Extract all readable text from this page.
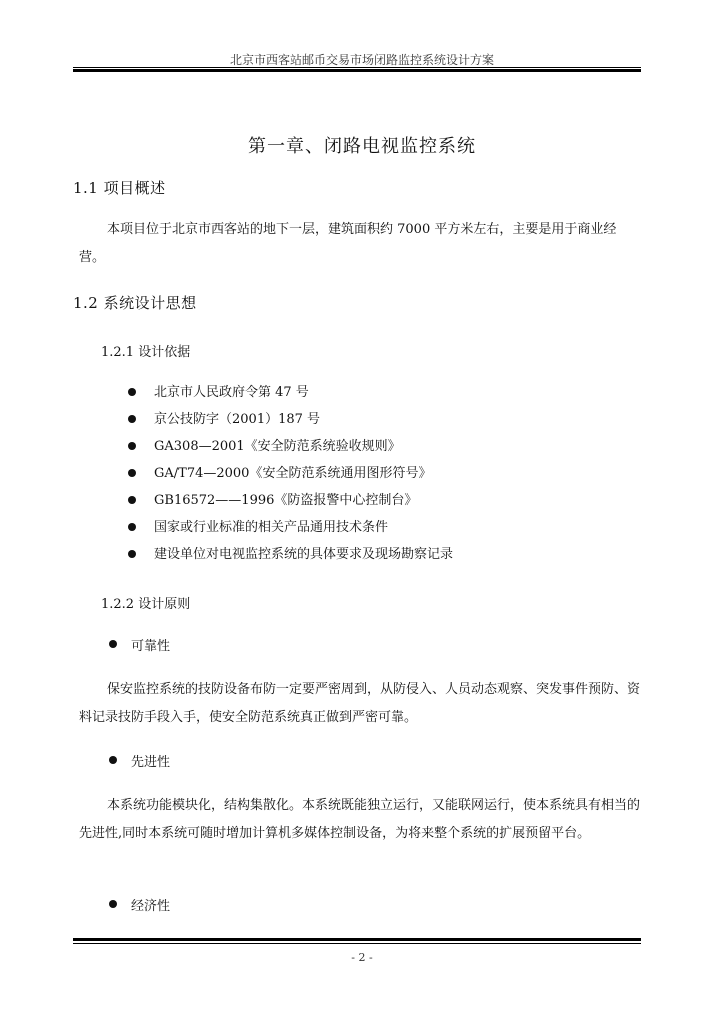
北京市西客站邮币交易市场闭路监控系统设计方案
第一章、闭路电视监控系统
1.1 项目概述

本项目位于北京市西客站的地下一层，建筑面积约 7000 平方米左右，主要是用于商业经营。

1.2 系统设计思想
1.2.1 设计依据
北京市人民政府令第 47 号
京公技防字（2001）187 号
GA308—2001《安全防范系统验收规则》
GA/T74—2000《安全防范系统通用图形符号》
GB16572——1996《防盗报警中心控制台》
国家或行业标准的相关产品通用技术条件
建设单位对电视监控系统的具体要求及现场勘察记录
1.2.2 设计原则
可靠性

保安监控系统的技防设备布防一定要严密周到，从防侵入、人员动态观察、突发事件预防、资料记录技防手段入手，使安全防范系统真正做到严密可靠。

先进性

本系统功能模块化，结构集散化。本系统既能独立运行，又能联网运行，使本系统具有相当的先进性,同时本系统可随时增加计算机多媒体控制设备，为将来整个系统的扩展预留平台。

经济性
- 2 -
